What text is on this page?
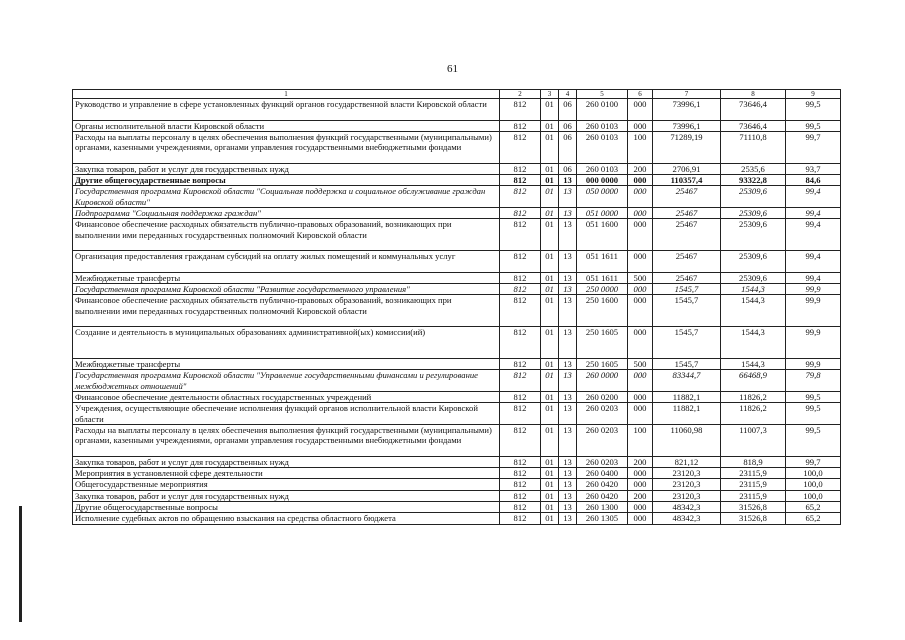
61
1	2	3	4	5	6	7	8	9
Руководство и управление в сфере установленных функций органов государственной власти Кировской области	812	01	06	260 0100	000	73996,1	73646,4	99,5
Органы исполнительной власти Кировской области	812	01	06	260 0103	000	73996,1	73646,4	99,5
Расходы на выплаты персоналу в целях обеспечения выполнения функций государственными (муниципальными) органами, казенными учреждениями, органами управления государственными внебюджетными фондами	812	01	06	260 0103	100	71289,19	71110,8	99,7
Закупка товаров, работ и услуг для государственных нужд	812	01	06	260 0103	200	2706,91	2535,6	93,7
Другие общегосударственные вопросы	812	01	13	000 0000	000	110357,4	93322,8	84,6
Государственная программа Кировской области "Социальная поддержка и социальное обслуживание граждан Кировской области"	812	01	13	050 0000	000	25467	25309,6	99,4
Подпрограмма "Социальная поддержка граждан"	812	01	13	051 0000	000	25467	25309,6	99,4
Финансовое обеспечение расходных обязательств публично-правовых образований, возникающих при выполнении ими переданных государственных полномочий Кировской области	812	01	13	051 1600	000	25467	25309,6	99,4
Организация предоставления гражданам субсидий на оплату жилых помещений и коммунальных услуг	812	01	13	051 1611	000	25467	25309,6	99,4
Межбюджетные трансферты	812	01	13	051 1611	500	25467	25309,6	99,4
Государственная программа Кировской области "Развитие государственного управления"	812	01	13	250 0000	000	1545,7	1544,3	99,9
Финансовое обеспечение расходных обязательств публично-правовых образований, возникающих при выполнении ими переданных государственных полномочий Кировской области	812	01	13	250 1600	000	1545,7	1544,3	99,9
Создание и деятельность в муниципальных образованиях административной(ых) комиссии(ий)	812	01	13	250 1605	000	1545,7	1544,3	99,9
Межбюджетные трансферты	812	01	13	250 1605	500	1545,7	1544,3	99,9
Государственная программа Кировской области "Управление государственными финансами и регулирование межбюджетных отношений"	812	01	13	260 0000	000	83344,7	66468,9	79,8
Финансовое обеспечение деятельности областных государственных учреждений	812	01	13	260 0200	000	11882,1	11826,2	99,5
Учреждения, осуществляющие обеспечение исполнения функций органов исполнительной власти Кировской области	812	01	13	260 0203	000	11882,1	11826,2	99,5
Расходы на выплаты персоналу в целях обеспечения выполнения функций государственными (муниципальными) органами, казенными учреждениями, органами управления государственными внебюджетными фондами	812	01	13	260 0203	100	11060,98	11007,3	99,5
Закупка товаров, работ и услуг для государственных нужд	812	01	13	260 0203	200	821,12	818,9	99,7
Мероприятия в установленной сфере деятельности	812	01	13	260 0400	000	23120,3	23115,9	100,0
Общегосударственные мероприятия	812	01	13	260 0420	000	23120,3	23115,9	100,0
Закупка товаров, работ и услуг для государственных нужд	812	01	13	260 0420	200	23120,3	23115,9	100,0
Другие общегосударственные вопросы	812	01	13	260 1300	000	48342,3	31526,8	65,2
Исполнение судебных актов по обращению взыскания на средства областного бюджета	812	01	13	260 1305	000	48342,3	31526,8	65,2
